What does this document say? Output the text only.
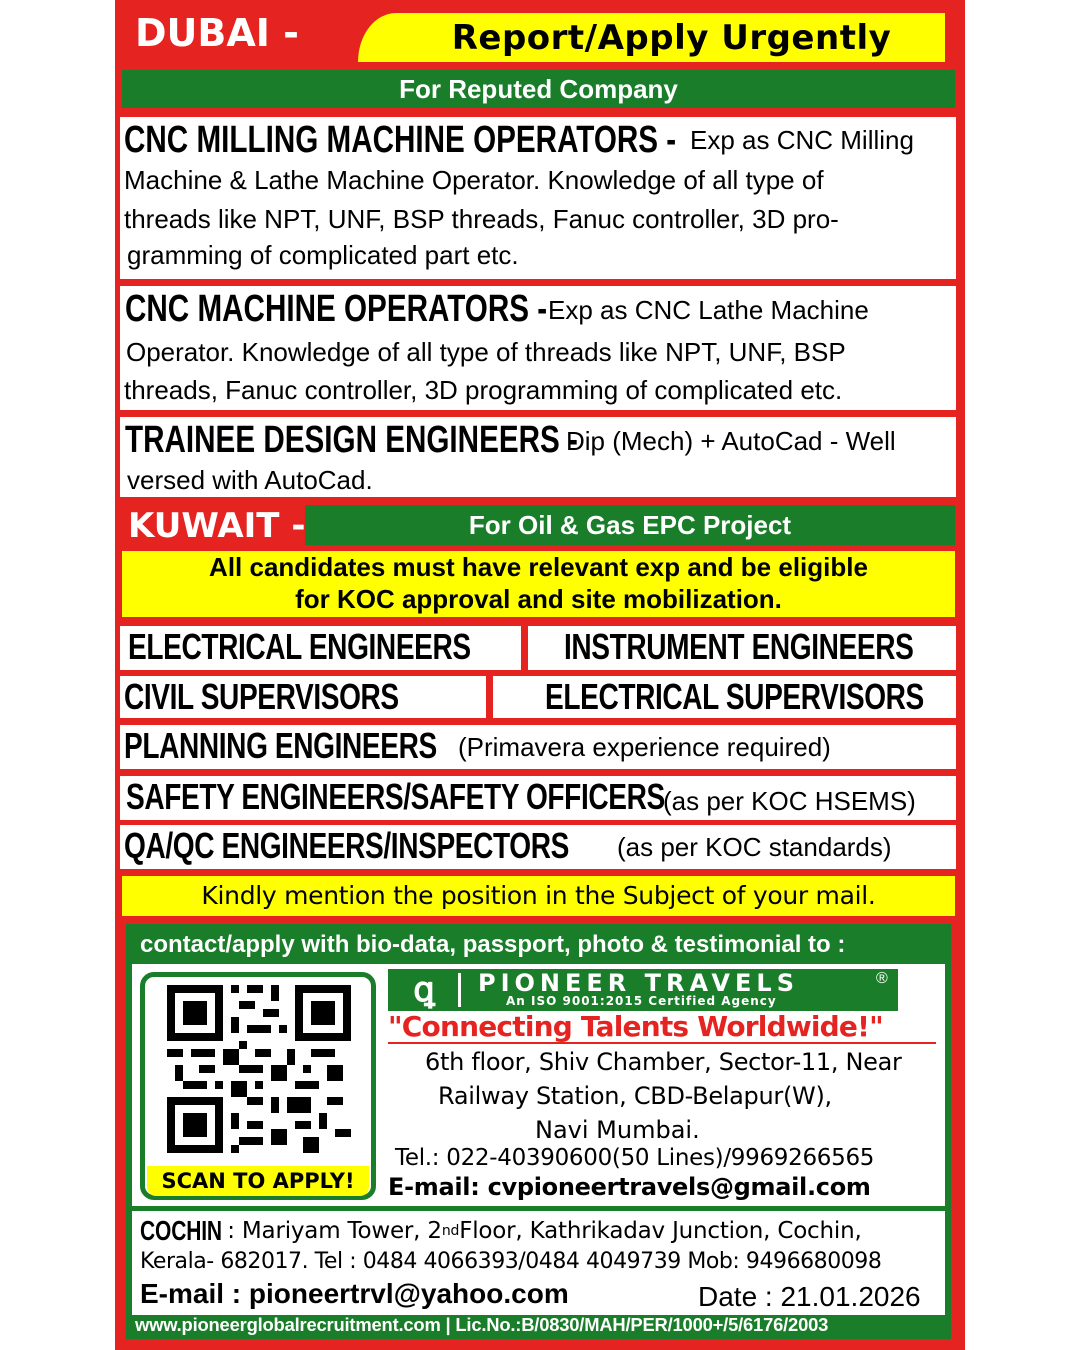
DUBAI -	Report/Apply Urgently
For Reputed Company
CNC MILLING MACHINE OPERATORS - Exp as CNC Milling
Machine & Lathe Machine Operator. Knowledge of all type of
threads like NPT, UNF, BSP threads, Fanuc controller, 3D pro-
gramming of complicated part etc.
CNC MACHINE OPERATORS - Exp as CNC Lathe Machine
Operator. Knowledge of all type of threads like NPT, UNF, BSP
threads, Fanuc controller, 3D programming of complicated etc.
TRAINEE DESIGN ENGINEERS -
Dip (Mech) + AutoCad - Well
versed with AutoCad.
KUWAIT -	For Oil & Gas EPC Project
All candidates must have relevant exp and be eligible
for KOC approval and site mobilization.
ELECTRICAL ENGINEERS	INSTRUMENT ENGINEERS
CIVIL SUPERVISORS	ELECTRICAL SUPERVISORS
PLANNING ENGINEERS (Primavera experience required)
SAFETY ENGINEERS/SAFETY OFFICERS
(as per KOC HSEMS)
QA/QC ENGINEERS/INSPECTORS (as per KOC standards)
Kindly mention the position in the Subject of your mail.
contact/apply with bio-data, passport, photo & testimonial to :
SCAN TO APPLY!
ꝗ	PIONEER TRAVELS	®
An ISO 9001:2015 Certified Agency
"Connecting Talents Worldwide!"
6th floor, Shiv Chamber, Sector-11, Near
Railway Station, CBD-Belapur(W),
Navi Mumbai.
Tel.: 022-40390600(50 Lines)/9969266565
E-mail: cvpioneertravels@gmail.com
COCHIN : Mariyam Tower, 2 nd Floor, Kathrikadav Junction, Cochin,
Kerala- 682017. Tel : 0484 4066393/0484 4049739 Mob: 9496680098
E-mail : pioneertrvl@yahoo.com	Date : 21.01.2026
www.pioneerglobalrecruitment.com | Lic.No.:B/0830/MAH/PER/1000+/5/6176/2003
